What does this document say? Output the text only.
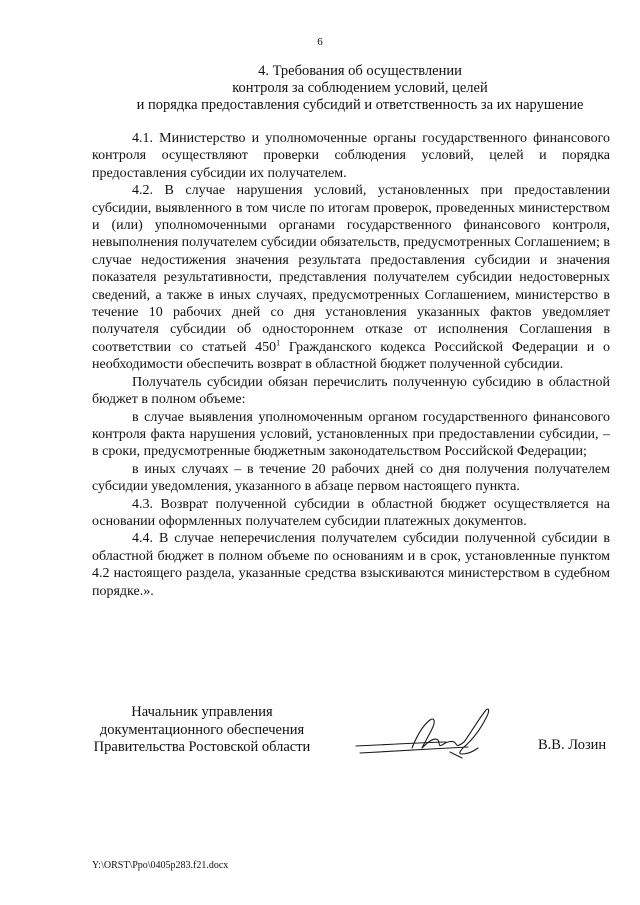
6
4. Требования об осуществлении
контроля за соблюдением условий, целей
и порядка предоставления субсидий и ответственность за их нарушение

4.1. Министерство и уполномоченные органы государственного финансового контроля осуществляют проверки соблюдения условий, целей и порядка предоставления субсидии их получателем.

4.2. В случае нарушения условий, установленных при предоставлении субсидии, выявленного в том числе по итогам проверок, проведенных министерством и (или) уполномоченными органами государственного финансового контроля, невыполнения получателем субсидии обязательств, предусмотренных Соглашением; в случае недостижения значения результата предоставления субсидии и значения показателя результативности, представления получателем субсидии недостоверных сведений, а также в иных случаях, предусмотренных Соглашением, министерство в течение 10 рабочих дней со дня установления указанных фактов уведомляет получателя субсидии об одностороннем отказе от исполнения Соглашения в соответствии со статьей $450^1$ Гражданского кодекса Российской Федерации и о необходимости обеспечить возврат в областной бюджет полученной субсидии.

Получатель субсидии обязан перечислить полученную субсидию в областной бюджет в полном объеме:

в случае выявления уполномоченным органом государственного финансового контроля факта нарушения условий, установленных при предоставлении субсидии, – в сроки, предусмотренные бюджетным законодательством Российской Федерации;

в иных случаях – в течение 20 рабочих дней со дня получения получателем субсидии уведомления, указанного в абзаце первом настоящего пункта.

4.3. Возврат полученной субсидии в областной бюджет осуществляется на основании оформленных получателем субсидии платежных документов.

4.4. В случае неперечисления получателем субсидии полученной субсидии в областной бюджет в полном объеме по основаниям и в срок, установленные пунктом 4.2 настоящего раздела, указанные средства взыскиваются министерством в судебном порядке.».

Начальник управления
документационного обеспечения
Правительства Ростовской области	В.В. Лозин
Y:\ORST\Ppo\0405p283.f21.docx
